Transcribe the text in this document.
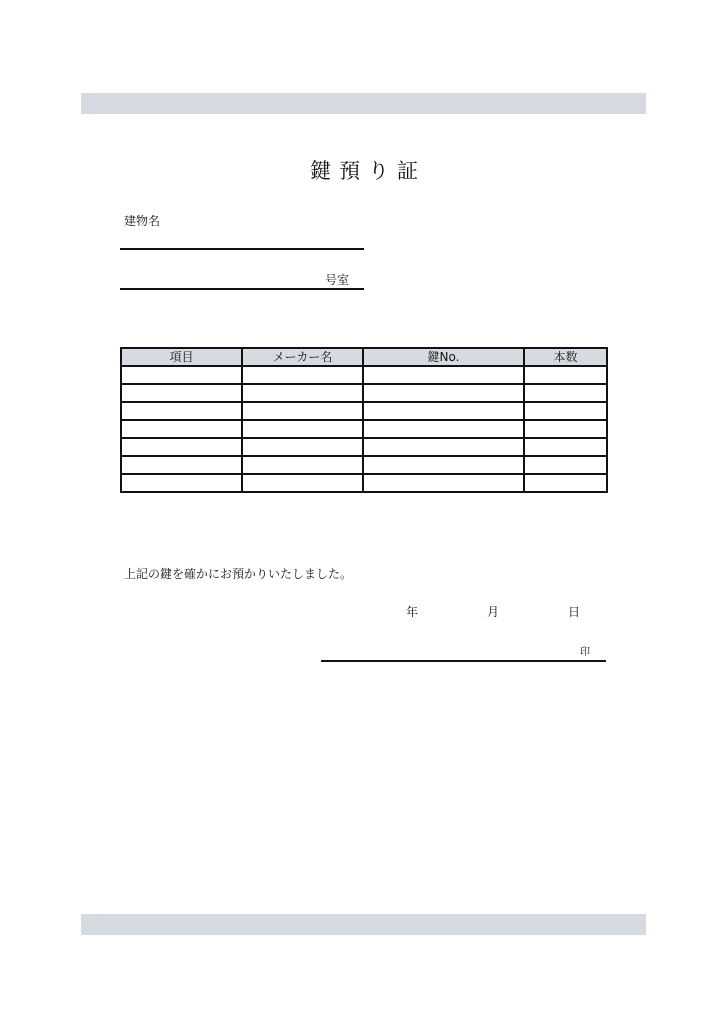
鍵預り証
建物名
号室
項目	メーカー名	鍵No.	本数

上記の鍵を確かにお預かりいたしました。
年	月	日
印
